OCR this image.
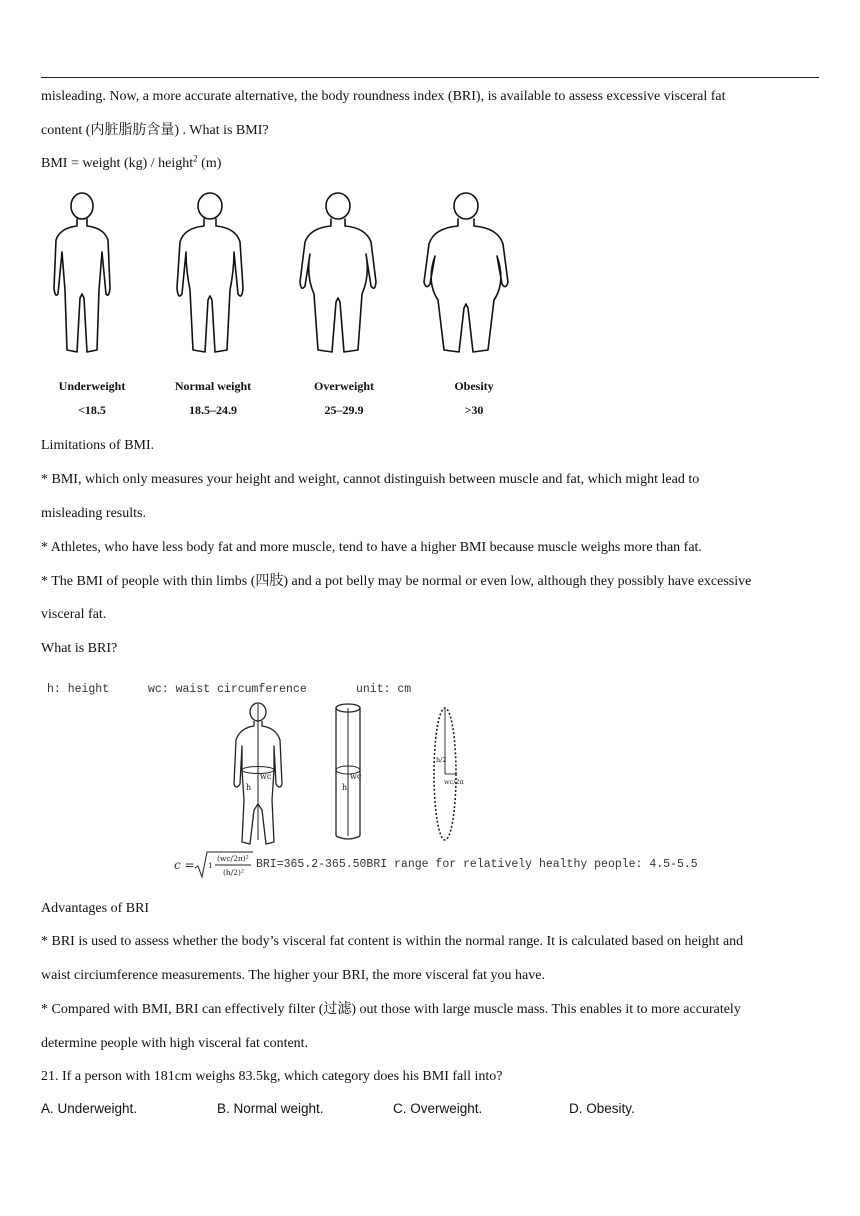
misleading. Now, a more accurate alternative, the body roundness index (BRI), is available to assess excessive visceral fat
content (内脏脂肪含量) . What is BMI?
BMI = weight (kg) / height$^2$ (m)
Underweight
<18.5
Normal weight
18.5–24.9
Overweight
25–29.9
Obesity
>30
Limitations of BMI.
* BMI, which only measures your height and weight, cannot distinguish between muscle and fat, which might lead to
misleading results.
* Athletes, who have less body fat and more muscle, tend to have a higher BMI because muscle weighs more than fat.
* The BMI of people with thin limbs (四肢) and a pot belly may be normal or even low, although they possibly have excessive
visceral fat.
What is BRI?
h: height	wc: waist circumference	unit: cm
h
wc
h
wc
h/2
wc/2π
c = 1
(wc/2π)²
(h/2)²
BRI=365.2-365.50BRI range for relatively healthy people: 4.5-5.5
Advantages of BRI
* BRI is used to assess whether the body’s visceral fat content is within the normal range. It is calculated based on height and
waist circiumference measurements. The higher your BRI, the more visceral fat you have.
* Compared with BMI, BRI can effectively filter (过滤) out those with large muscle mass. This enables it to more accurately
determine people with high visceral fat content.
21. If a person with 181cm weighs 83.5kg, which category does his BMI fall into?
A. Underweight.	B. Normal weight.	C. Overweight.	D. Obesity.
